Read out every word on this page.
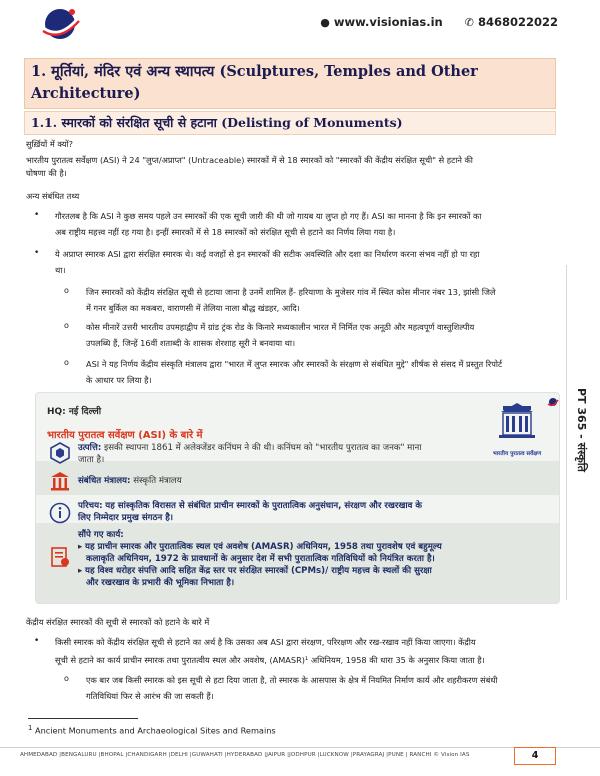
● www.visionias.in ✆ 8468022022
1. मूर्तियां, मंदिर एवं अन्य स्थापत्य (Sculptures, Temples and Other
Architecture)
1.1. स्मारकों को संरक्षित सूची से हटाना (Delisting of Monuments)
सुर्ख़ियों में क्यों?
भारतीय पुरातत्व सर्वेक्षण (ASI) ने 24 "लुप्त/अप्राप्त" (Untraceable) स्मारकों में से 18 स्मारकों को "स्मारकों की केंद्रीय संरक्षित सूची" से हटाने की
घोषणा की है।
अन्य संबंधित तथ्य
• गौरतलब है कि ASI ने कुछ समय पहले उन स्मारकों की एक सूची जारी की थी जो गायब या लुप्त हो गए हैं। ASI का मानना है कि इन स्मारकों का
अब राष्ट्रीय महत्त्व नहीं रह गया है। इन्हीं स्मारकों में से 18 स्मारकों को संरक्षित सूची से हटाने का निर्णय लिया गया है।
• ये अप्राप्त स्मारक ASI द्वारा संरक्षित स्मारक थे। कई वजहों से इन स्मारकों की सटीक अवस्थिति और दशा का निर्धारण करना संभव नहीं हो पा रहा
था।
o जिन स्मारकों को केंद्रीय संरक्षित सूची से हटाया जाना है उनमें शामिल हैं- हरियाणा के मुजेसर गांव में स्थित कोस मीनार नंबर 13, झांसी जिले
में गनर बुर्किल का मकबरा, वाराणसी में तेलिया नाला बौद्ध खंडहर, आदि।
o कोस मीनारें उत्तरी भारतीय उपमहाद्वीप में ग्रांड ट्रंक रोड के किनारे मध्यकालीन भारत में निर्मित एक अनूठी और महत्वपूर्ण वास्तुशिल्पीय
उपलब्धि हैं, जिन्हें 16वीं शताब्दी के शासक शेरशाह सूरी ने बनवाया था।
o ASI ने यह निर्णय केंद्रीय संस्कृति मंत्रालय द्वारा "भारत में लुप्त स्मारक और स्मारकों के संरक्षण से संबंधित मुद्दे" शीर्षक से संसद में प्रस्तुत रिपोर्ट
के आधार पर लिया है।
PT 365 - संस्कृति
HQ: नई दिल्ली
भारतीय पुरातत्व सर्वेक्षण (ASI) के बारे में
भारतीय पुरातत्व सर्वेक्षण
उत्पत्ति: इसकी स्थापना 1861 में अलेक्जेंडर कनिंघम ने की थी। कनिंघम को "भारतीय पुरातत्व का जनक" माना
जाता है।
संबंधित मंत्रालय: संस्कृति मंत्रालय
परिचय: यह सांस्कृतिक विरासत से संबंधित प्राचीन स्मारकों के पुरातात्विक अनुसंधान, संरक्षण और रखरखाव के
लिए निम्मेदार प्रमुख संगठन है।
सौंपे गए कार्य:
▸ यह प्राचीन स्मारक और पुरातात्विक स्थल एवं अवशेष (AMASR) अधिनियम, 1958 तथा पुरावशेष एवं बहुमूल्य
कलाकृति अधिनियम, 1972 के प्रावधानों के अनुसार देश में सभी पुरातात्विक गतिविधियों को नियंत्रित करता है।
▸ यह विश्व धरोहर संपत्ति आदि सहित केंद्र स्तर पर संरक्षित स्मारकों (CPMs)/ राष्ट्रीय महत्त्व के स्थलों की सुरक्षा
और रखरखाव के प्रभारी की भूमिका निभाता है।
केंद्रीय संरक्षित स्मारकों की सूची से स्मारकों को हटाने के बारे में
• किसी स्मारक को केंद्रीय संरक्षित सूची से हटाने का अर्थ है कि उसका अब ASI द्वारा संरक्षण, परिरक्षण और रख-रखाव नहीं किया जाएगा। केंद्रीय
सूची से हटाने का कार्य प्राचीन स्मारक तथा पुरातत्वीय स्थल और अवशेष, (AMASR)¹ अधिनियम, 1958 की धारा 35 के अनुसार किया जाता है।
o एक बार जब किसी स्मारक को इस सूची से हटा दिया जाता है, तो स्मारक के आसपास के क्षेत्र में नियमित निर्माण कार्य और शहरीकरण संबंधी
गतिविधियां फिर से आरंभ की जा सकती हैं।
$^1$ Ancient Monuments and Archaeological Sites and Remains
AHMEDABAD |BENGALURU |BHOPAL |CHANDIGARH |DELHI |GUWAHATI |HYDERABAD |JAIPUR |JODHPUR |LUCKNOW |PRAYAGRAJ |PUNE | RANCHI © Vision IAS	4
